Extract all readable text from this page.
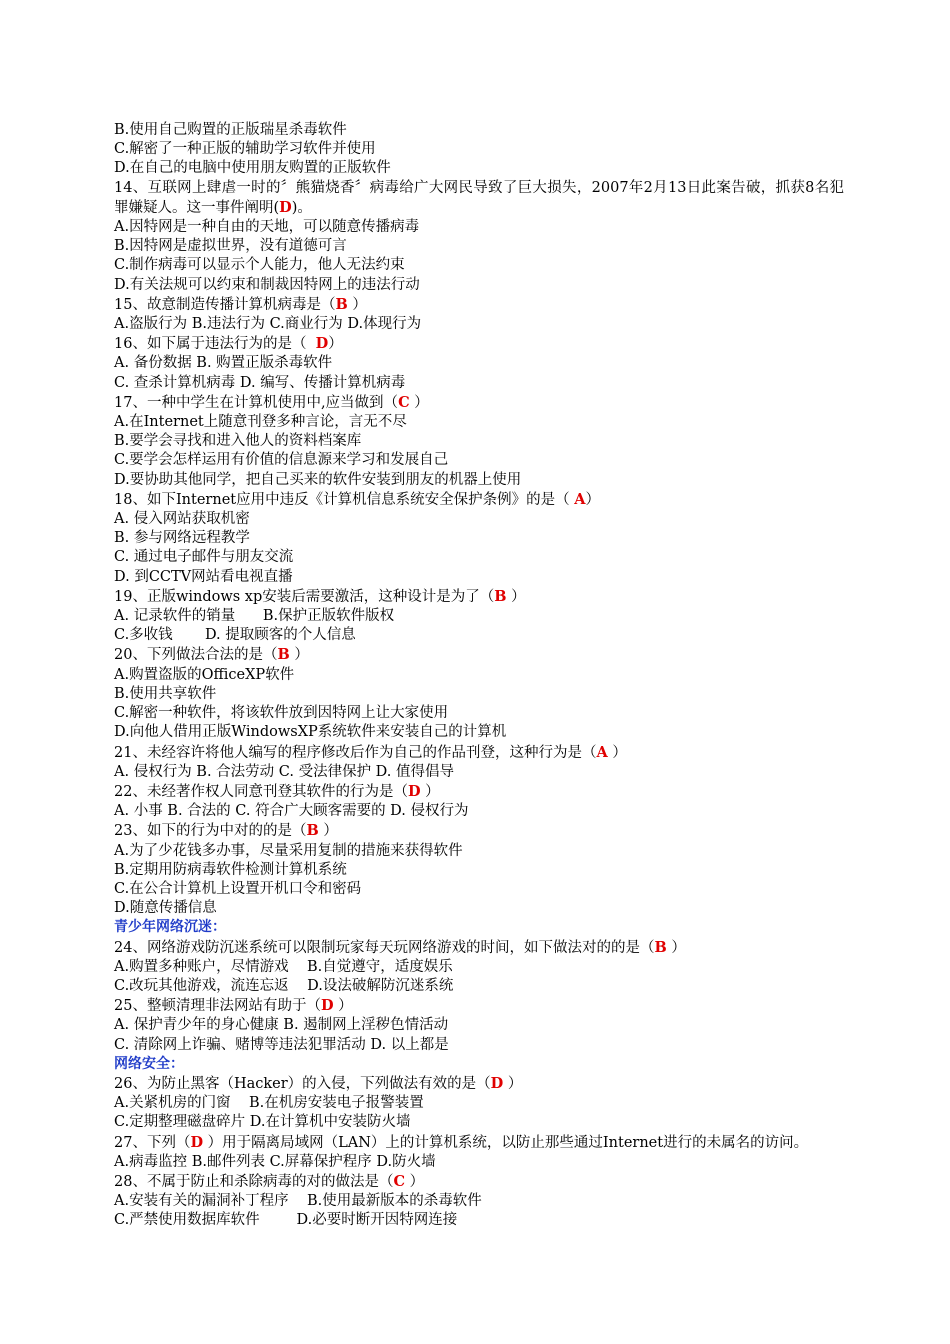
B.使用自己购置的正版瑞星杀毒软件
C.解密了一种正版的辅助学习软件并使用
D.在自己的电脑中使用朋友购置的正版软件
14、互联网上肆虐一时的〞熊猫烧香〞病毒给广大网民导致了巨大损失，2007年2月13日此案告破，抓获8名犯罪嫌疑人。这一事件阐明(D)。
A.因特网是一种自由的天地，可以随意传播病毒
B.因特网是虚拟世界，没有道德可言
C.制作病毒可以显示个人能力，他人无法约束
D.有关法规可以约束和制裁因特网上的违法行动
15、故意制造传播计算机病毒是（B ）
A.盗版行为 B.违法行为 C.商业行为 D.体现行为
16、如下属于违法行为的是（  D）
A. 备份数据 B. 购置正版杀毒软件
C. 查杀计算机病毒 D. 编写、传播计算机病毒
17、一种中学生在计算机使用中,应当做到（C ）
A.在Internet上随意刊登多种言论，言无不尽
B.要学会寻找和进入他人的资料档案库
C.要学会怎样运用有价值的信息源来学习和发展自己
D.要协助其他同学，把自己买来的软件安装到朋友的机器上使用
18、如下Internet应用中违反《计算机信息系统安全保护条例》的是（ A）
A. 侵入网站获取机密
B. 参与网络远程教学
C. 通过电子邮件与朋友交流
D. 到CCTV网站看电视直播
19、正版windows xp安装后需要激活，这种设计是为了（B ）
A. 记录软件的销量      B.保护正版软件版权
C.多收钱       D. 提取顾客的个人信息
20、下列做法合法的是（B ）
A.购置盗版的OfficeXP软件
B.使用共享软件
C.解密一种软件，将该软件放到因特网上让大家使用
D.向他人借用正版WindowsXP系统软件来安装自己的计算机
21、未经容许将他人编写的程序修改后作为自己的作品刊登，这种行为是（A ）
A. 侵权行为 B. 合法劳动 C. 受法律保护 D. 值得倡导
22、未经著作权人同意刊登其软件的行为是（D ）
A. 小事 B. 合法的 C. 符合广大顾客需要的 D. 侵权行为
23、如下的行为中对的的是（B ）
A.为了少花钱多办事，尽量采用复制的措施来获得软件
B.定期用防病毒软件检测计算机系统
C.在公合计算机上设置开机口令和密码
D.随意传播信息
青少年网络沉迷：
24、网络游戏防沉迷系统可以限制玩家每天玩网络游戏的时间，如下做法对的的是（B ）
A.购置多种账户，尽情游戏    B.自觉遵守，适度娱乐
C.改玩其他游戏，流连忘返    D.设法破解防沉迷系统
25、整顿清理非法网站有助于（D ）
A. 保护青少年的身心健康 B. 遏制网上淫秽色情活动
C. 清除网上诈骗、赌博等违法犯罪活动 D. 以上都是
网络安全：
26、为防止黑客（Hacker）的入侵，下列做法有效的是（D ）
A.关紧机房的门窗    B.在机房安装电子报警装置
C.定期整理磁盘碎片 D.在计算机中安装防火墙
27、下列（D ）用于隔离局域网（LAN）上的计算机系统，以防止那些通过Internet进行的未属名的访问。
A.病毒监控 B.邮件列表 C.屏幕保护程序 D.防火墙
28、不属于防止和杀除病毒的对的做法是（C ）
A.安装有关的漏洞补丁程序    B.使用最新版本的杀毒软件
C.严禁使用数据库软件        D.必要时断开因特网连接
